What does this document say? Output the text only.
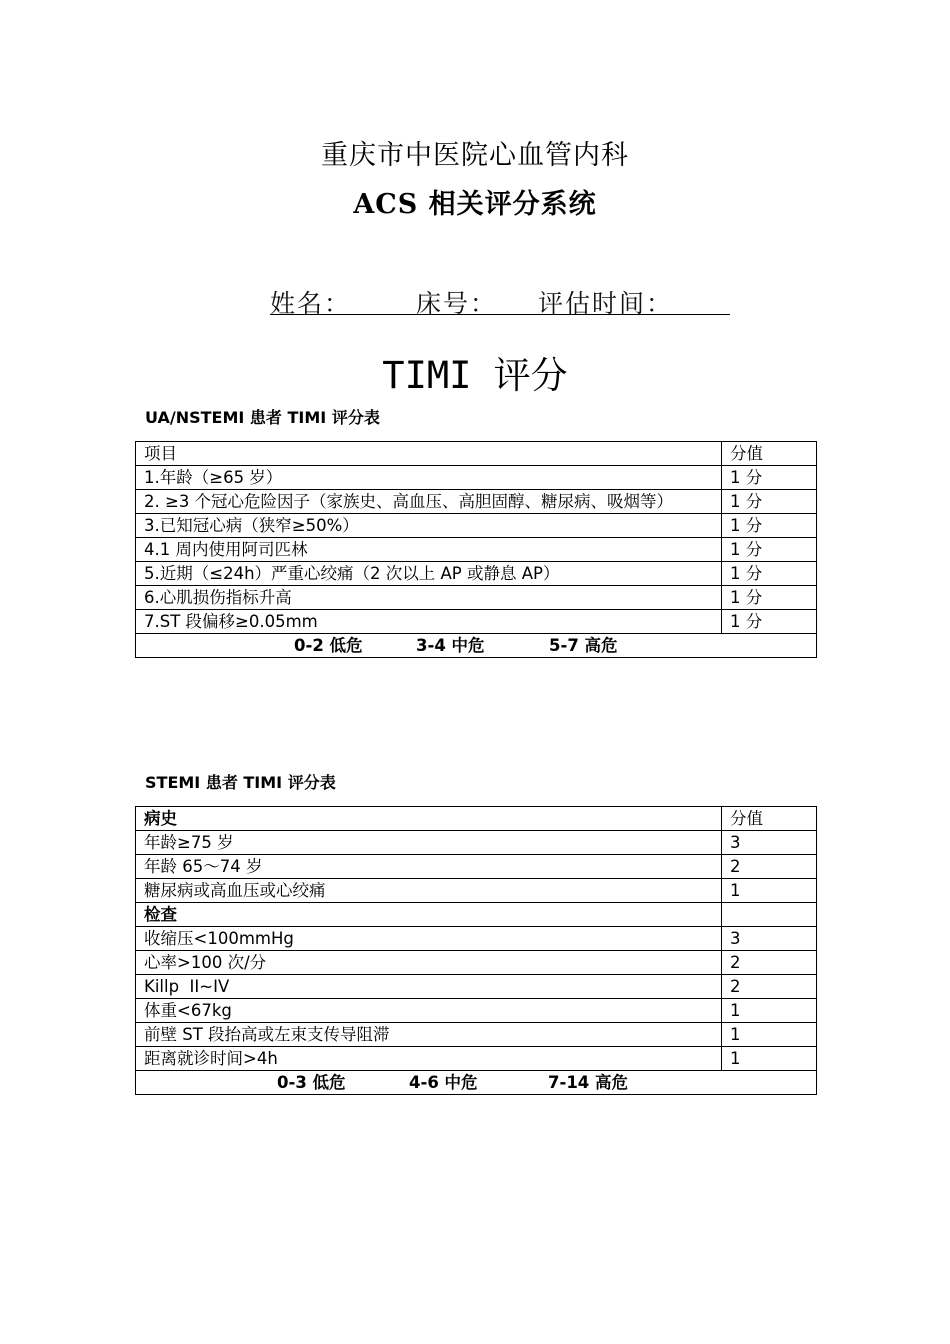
重庆市中医院心血管内科
ACS 相关评分系统
姓名：	床号： 评估时间：
TIMI 评分
UA/NSTEMI 患者 TIMI 评分表
项目	分值
1.年龄（≥65 岁）	1 分
2. ≥3 个冠心危险因子（家族史、高血压、高胆固醇、糖尿病、吸烟等）	1 分
3.已知冠心病（狭窄≥50%）	1 分
4.1 周内使用阿司匹林	1 分
5.近期（≤24h）严重心绞痛（2 次以上 AP 或静息 AP）	1 分
6.心肌损伤指标升高	1 分
7.ST 段偏移≥0.05mm	1 分

0-2 低危 3-4 中危 5-7 高危	
STEMI 患者 TIMI 评分表
病史	分值
年龄≥75 岁	3
年龄 65～74 岁	2
糖尿病或高血压或心绞痛	1
检查	
收缩压<100mmHg	3
心率>100 次/分	2
Killp  II~IV	2
体重<67kg	1
前壁 ST 段抬高或左束支传导阻滞	1
距离就诊时间>4h	1

0-3 低危 4-6 中危 7-14 高危	
